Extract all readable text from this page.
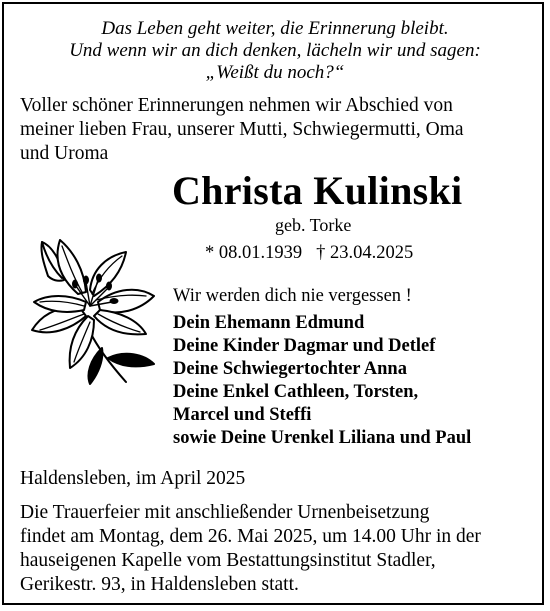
Das Leben geht weiter, die Erinnerung bleibt.
Und wenn wir an dich denken, lächeln wir und sagen:
„Weißt du noch?“
Voller schöner Erinnerungen nehmen wir Abschied von
meiner lieben Frau, unserer Mutti, Schwiegermutti, Oma
und Uroma
Christa Kulinski
geb. Torke
* 08.01.1939 † 23.04.2025
Wir werden dich nie vergessen !
Dein Ehemann Edmund
Deine Kinder Dagmar und Detlef
Deine Schwiegertochter Anna
Deine Enkel Cathleen, Torsten,
Marcel und Steffi
sowie Deine Urenkel Liliana und Paul
Haldensleben, im April 2025
Die Trauerfeier mit anschließender Urnenbeisetzung
findet am Montag, dem 26. Mai 2025, um 14.00 Uhr in der
hauseigenen Kapelle vom Bestattungsinstitut Stadler,
Gerikestr. 93, in Haldensleben statt.
